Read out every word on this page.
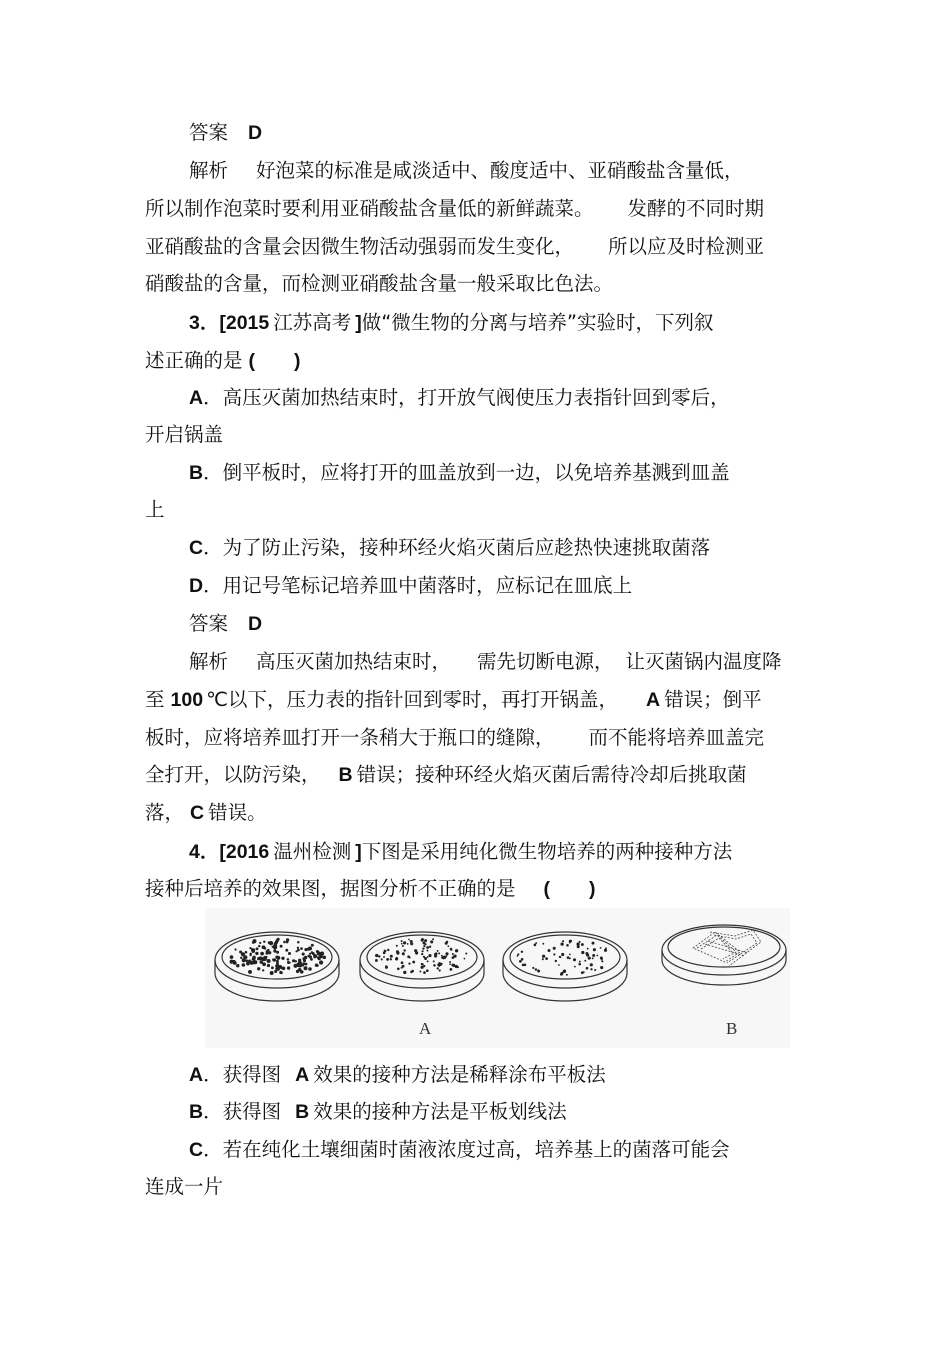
答案 D
解析 好泡菜的标准是咸淡适中、酸度适中、亚硝酸盐含量低，
所以制作泡菜时要利用亚硝酸盐含量低的新鲜蔬菜。 发酵的不同时期
亚硝酸盐的含量会因微生物活动强弱而发生变化， 所以应及时检测亚
硝酸盐的含量，而检测亚硝酸盐含量一般采取比色法。
3．[2015 江苏高考 ]做“微生物的分离与培养”实验时，下列叙
述正确的是 (　　)
A．高压灭菌加热结束时，打开放气阀使压力表指针回到零后，
开启锅盖
B．倒平板时，应将打开的皿盖放到一边，以免培养基溅到皿盖
上
C．为了防止污染，接种环经火焰灭菌后应趁热快速挑取菌落
D．用记号笔标记培养皿中菌落时，应标记在皿底上
答案 D
解析 高压灭菌加热结束时， 需先切断电源， 让灭菌锅内温度降
至 100 ℃以下，压力表的指针回到零时，再打开锅盖， A 错误；倒平
板时，应将培养皿打开一条稍大于瓶口的缝隙， 而不能将培养皿盖完
全打开，以防污染， B 错误；接种环经火焰灭菌后需待冷却后挑取菌
落， C 错误。
4．[2016 温州检测 ]下图是采用纯化微生物培养的两种接种方法
接种后培养的效果图，据图分析不正确的是 (　　)
A	B
A．获得图 A 效果的接种方法是稀释涂布平板法
B．获得图 B 效果的接种方法是平板划线法
C．若在纯化土壤细菌时菌液浓度过高，培养基上的菌落可能会
连成一片
